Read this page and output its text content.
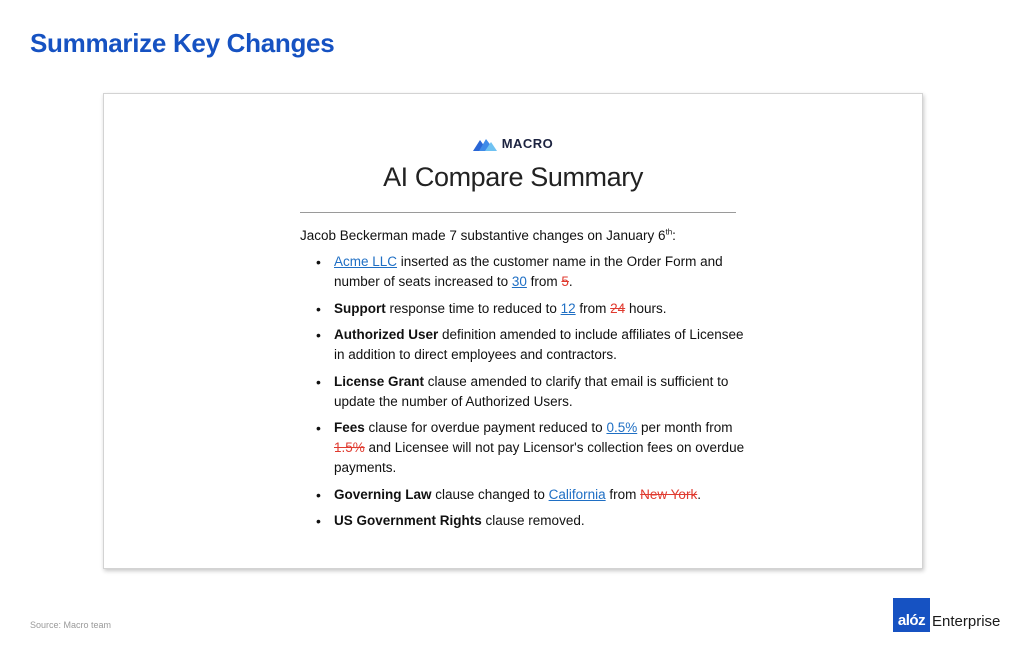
Summarize Key Changes
MACRO
AI Compare Summary
Jacob Beckerman made 7 substantive changes on January 6th:
• Acme LLC inserted as the customer name in the Order Form and number of seats increased to 30 from 5.
• Support response time to reduced to 12 from 24 hours.
• Authorized User definition amended to include affiliates of Licensee in addition to direct employees and contractors.
• License Grant clause amended to clarify that email is sufficient to update the number of Authorized Users.
• Fees clause for overdue payment reduced to 0.5% per month from 1.5% and Licensee will not pay Licensor's collection fees on overdue payments.
• Governing Law clause changed to California from New York.
• US Government Rights clause removed.
Source: Macro team	alóz Enterprise
